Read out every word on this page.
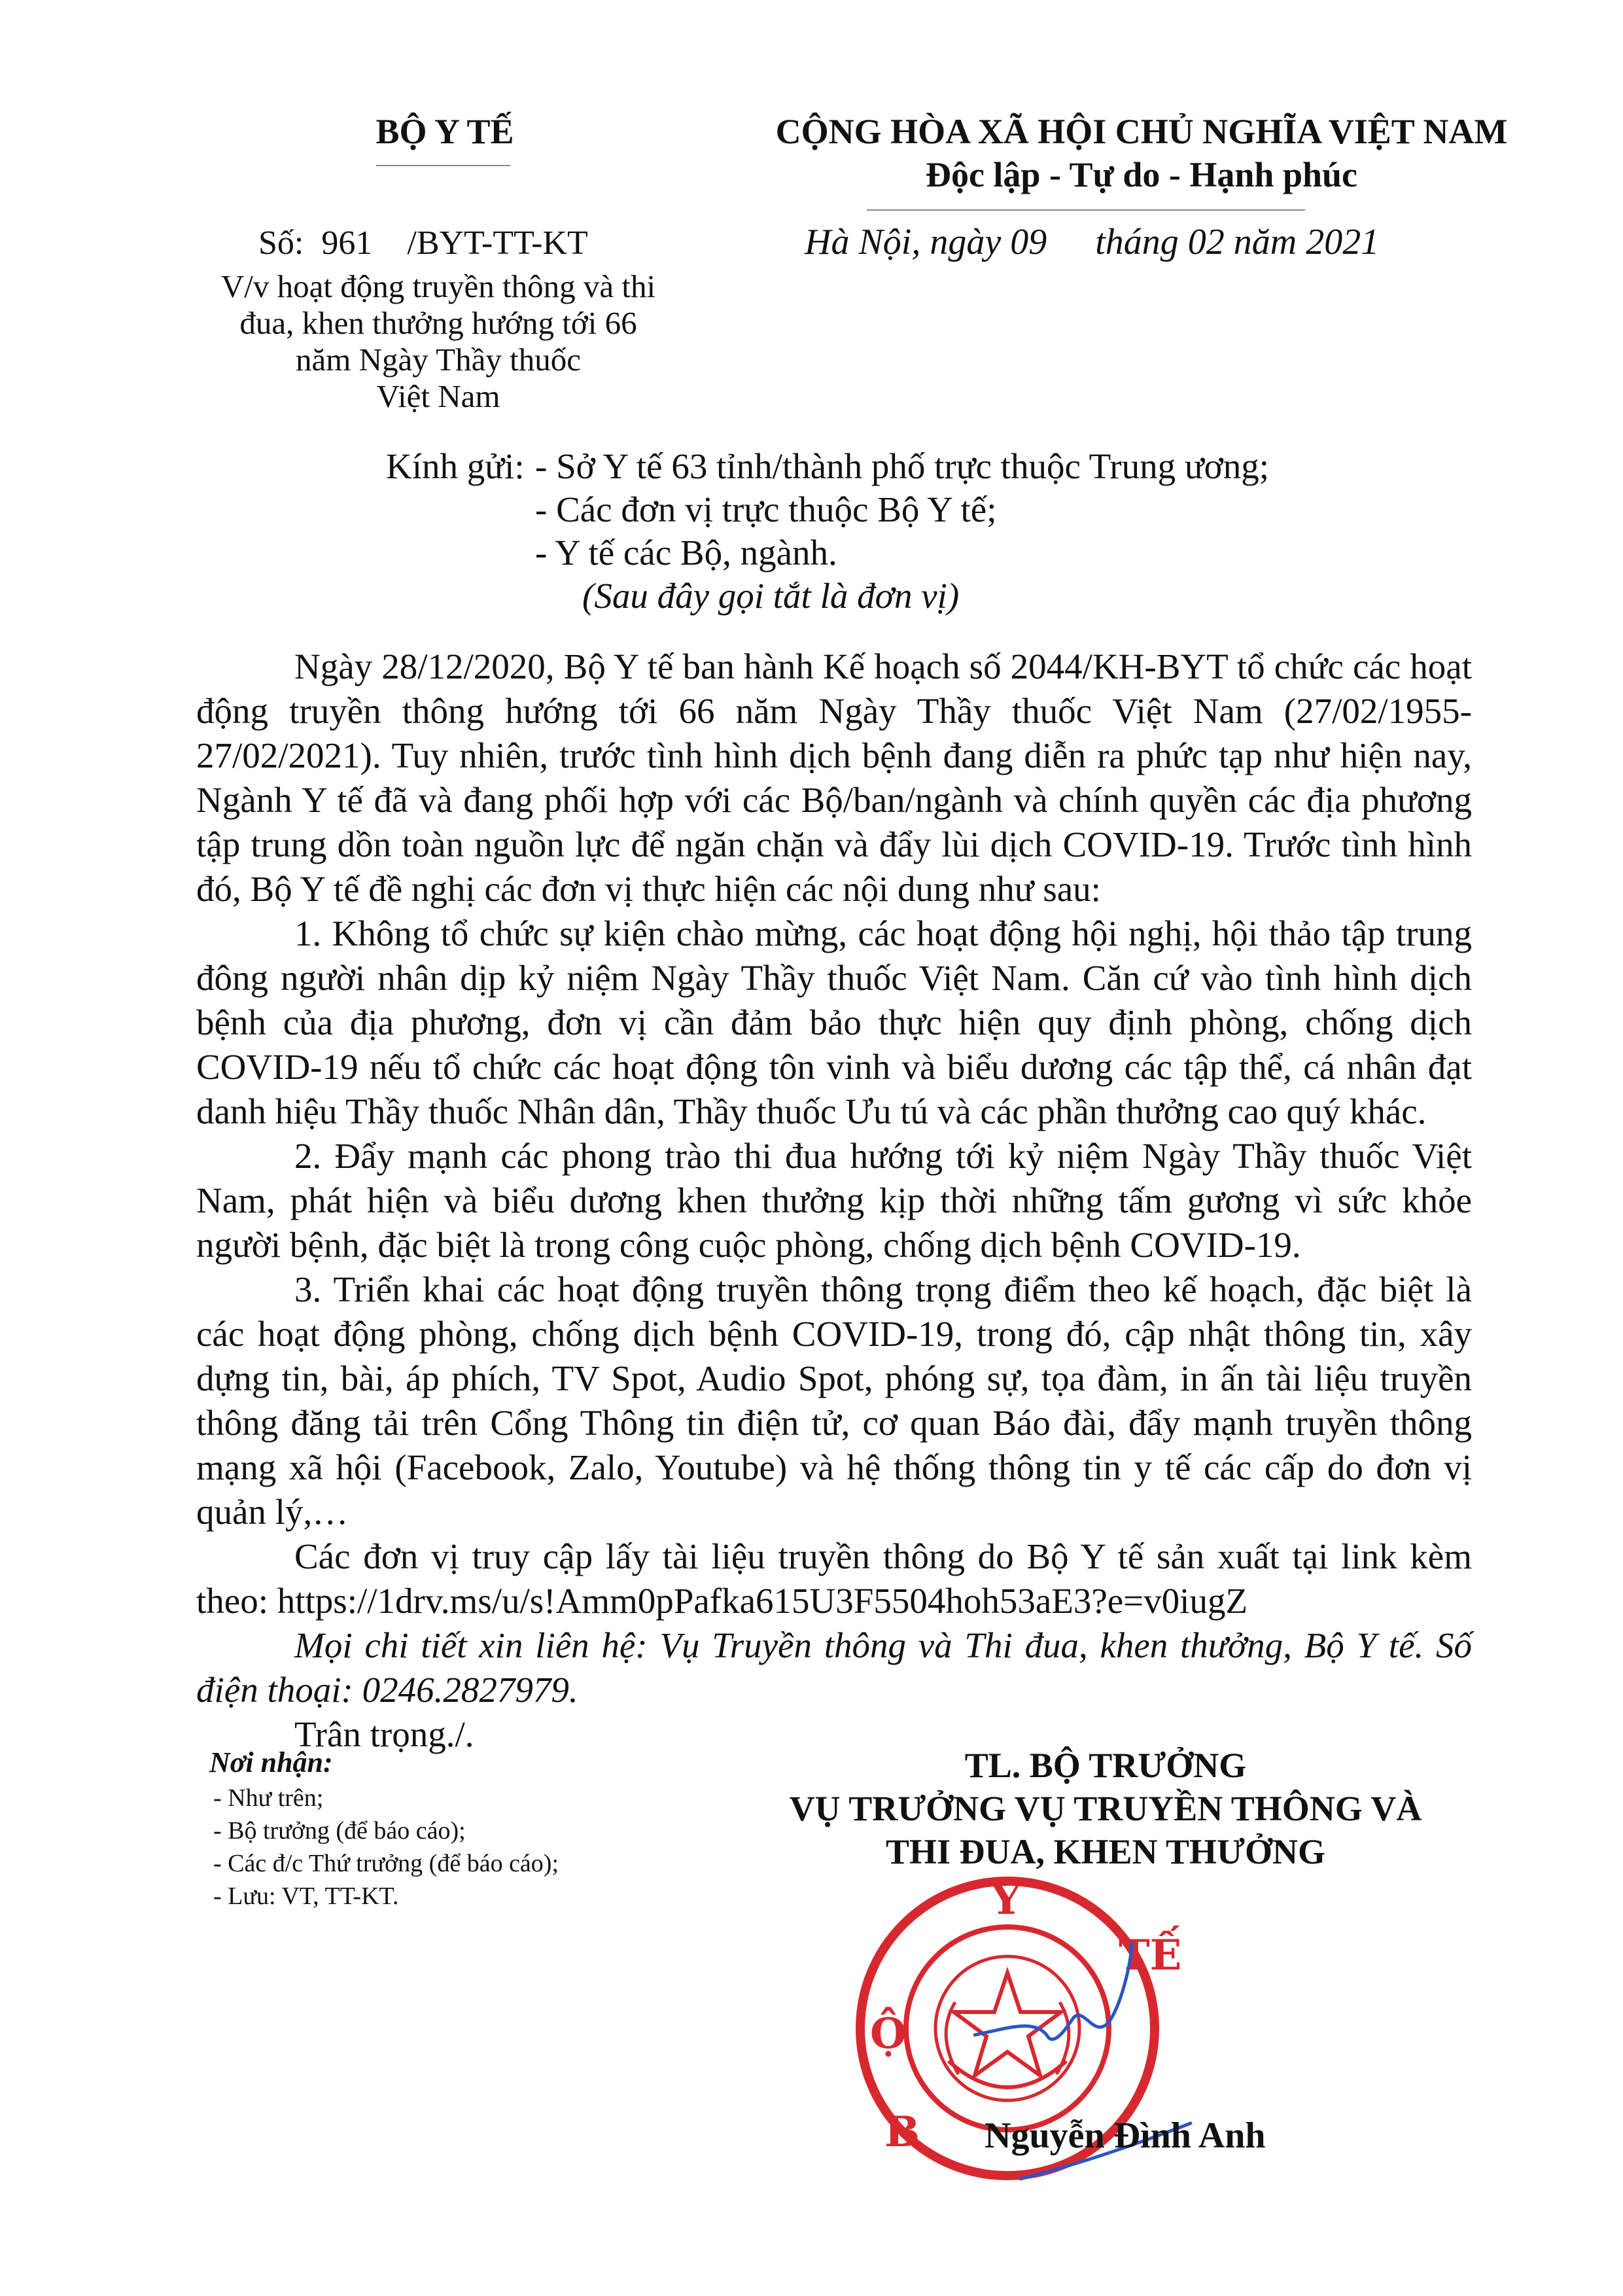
BỘ Y TẾ	CỘNG HÒA XÃ HỘI CHỦ NGHĨA VIỆT NAM
Độc lập - Tự do - Hạnh phúc
Số: 961 /BYT-TT-KT	Hà Nội, ngày 09 tháng 02 năm 2021
V/v hoạt động truyền thông và thi
đua, khen thưởng hướng tới 66
năm Ngày Thầy thuốc
Việt Nam
Kính gửi: - Sở Y tế 63 tỉnh/thành phố trực thuộc Trung ương;
- Các đơn vị trực thuộc Bộ Y tế;
- Y tế các Bộ, ngành.
(Sau đây gọi tắt là đơn vị)

Ngày 28/12/2020, Bộ Y tế ban hành Kế hoạch số 2044/KH-BYT tổ chức các hoạt động truyền thông hướng tới 66 năm Ngày Thầy thuốc Việt Nam (27/02/1955-27/02/2021). Tuy nhiên, trước tình hình dịch bệnh đang diễn ra phức tạp như hiện nay, Ngành Y tế đã và đang phối hợp với các Bộ/ban/ngành và chính quyền các địa phương tập trung dồn toàn nguồn lực để ngăn chặn và đẩy lùi dịch COVID-19. Trước tình hình đó, Bộ Y tế đề nghị các đơn vị thực hiện các nội dung như sau:

1. Không tổ chức sự kiện chào mừng, các hoạt động hội nghị, hội thảo tập trung đông người nhân dịp kỷ niệm Ngày Thầy thuốc Việt Nam. Căn cứ vào tình hình dịch bệnh của địa phương, đơn vị cần đảm bảo thực hiện quy định phòng, chống dịch COVID-19 nếu tổ chức các hoạt động tôn vinh và biểu dương các tập thể, cá nhân đạt danh hiệu Thầy thuốc Nhân dân, Thầy thuốc Ưu tú và các phần thưởng cao quý khác.

2. Đẩy mạnh các phong trào thi đua hướng tới kỷ niệm Ngày Thầy thuốc Việt Nam, phát hiện và biểu dương khen thưởng kịp thời những tấm gương vì sức khỏe người bệnh, đặc biệt là trong công cuộc phòng, chống dịch bệnh COVID-19.

3. Triển khai các hoạt động truyền thông trọng điểm theo kế hoạch, đặc biệt là các hoạt động phòng, chống dịch bệnh COVID-19, trong đó, cập nhật thông tin, xây dựng tin, bài, áp phích, TV Spot, Audio Spot, phóng sự, tọa đàm, in ấn tài liệu truyền thông đăng tải trên Cổng Thông tin điện tử, cơ quan Báo đài, đẩy mạnh truyền thông mạng xã hội (Facebook, Zalo, Youtube) và hệ thống thông tin y tế các cấp do đơn vị quản lý,…

Các đơn vị truy cập lấy tài liệu truyền thông do Bộ Y tế sản xuất tại link kèm theo: https://1drv.ms/u/s!Amm0pPafka615U3F5504hoh53aE3?e=v0iugZ

Mọi chi tiết xin liên hệ: Vụ Truyền thông và Thi đua, khen thưởng, Bộ Y tế. Số điện thoại: 0246.2827979.

Trân trọng./.

Nơi nhận:
- Như trên;
- Bộ trưởng (để báo cáo);
- Các đ/c Thứ trưởng (để báo cáo);
- Lưu: VT, TT-KT.
TL. BỘ TRƯỞNG
VỤ TRƯỞNG VỤ TRUYỀN THÔNG VÀ
THI ĐUA, KHEN THƯỞNG
Y
TẾ
Ộ
B Nguyễn Đình Anh
